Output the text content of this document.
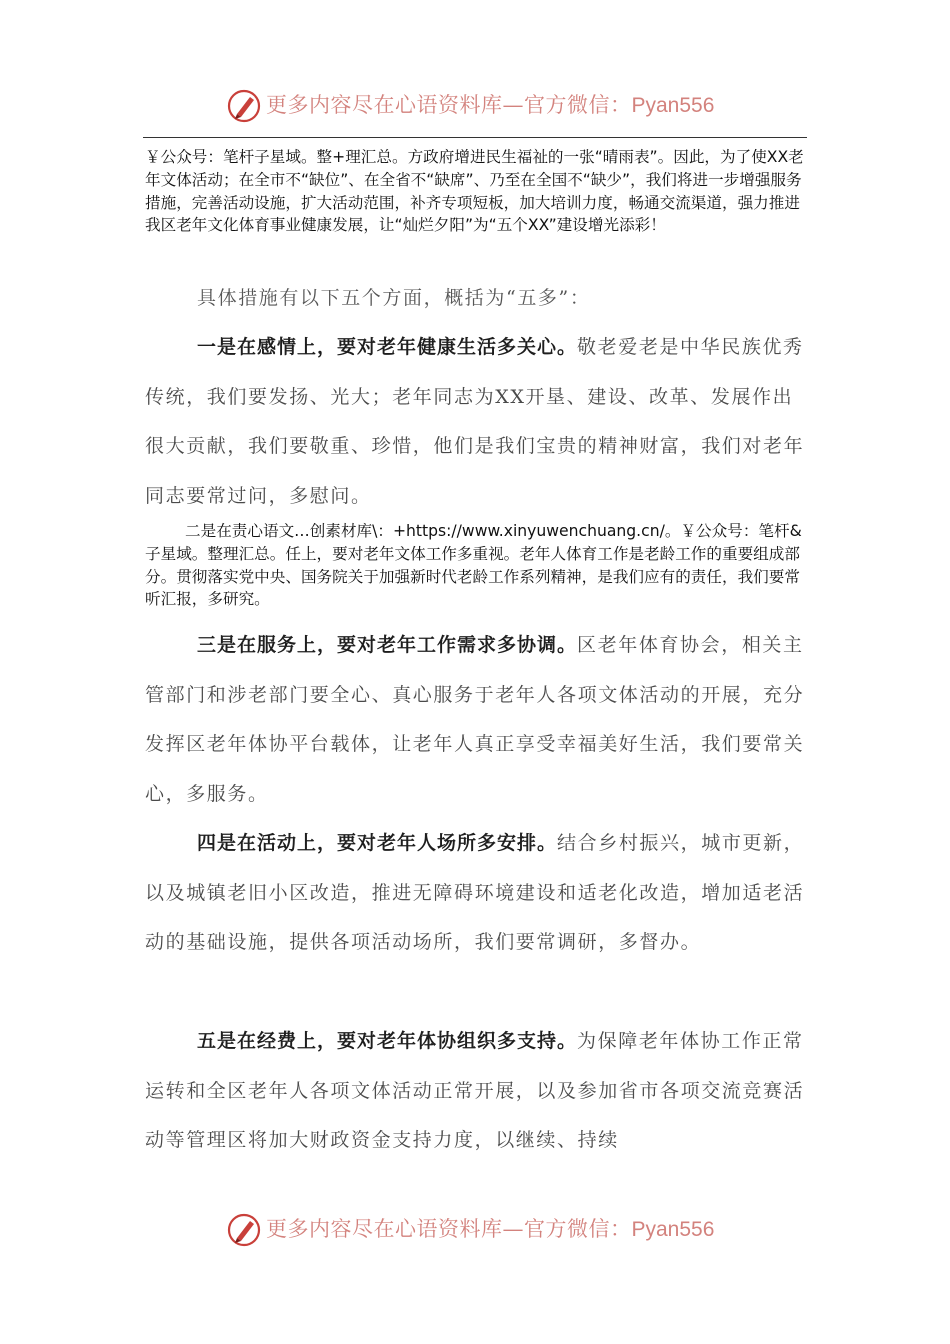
更多内容尽在心语资料库—官方微信：Pyan556

￥公众号：笔杆子星域。整+理汇总。方政府增进民生福祉的一张“晴雨表”。因此，为了使XX老年文体活动；在全市不“缺位”、在全省不“缺席”、乃至在全国不“缺少”，我们将进一步增强服务措施，完善活动设施，扩大活动范围，补齐专项短板，加大培训力度，畅通交流渠道，强力推进我区老年文化体育事业健康发展，让“灿烂夕阳”为“五个XX”建设增光添彩！

具体措施有以下五个方面，概括为“五多”：

一是在感情上，要对老年健康生活多关心。敬老爱老是中华民族优秀传统，我们要发扬、光大；老年同志为XX开垦、建设、改革、发展作出很大贡献，我们要敬重、珍惜，他们是我们宝贵的精神财富，我们对老年同志要常过问，多慰问。

二是在责心语文…创素材库\：+https://www.xinyuwenchuang.cn/。￥公众号：笔杆&子星域。整理汇总。任上，要对老年文体工作多重视。老年人体育工作是老龄工作的重要组成部分。贯彻落实党中央、国务院关于加强新时代老龄工作系列精神，是我们应有的责任，我们要常听汇报，多研究。

三是在服务上，要对老年工作需求多协调。区老年体育协会，相关主管部门和涉老部门要全心、真心服务于老年人各项文体活动的开展，充分发挥区老年体协平台载体，让老年人真正享受幸福美好生活，我们要常关心，多服务。

四是在活动上，要对老年人场所多安排。结合乡村振兴，城市更新，以及城镇老旧小区改造，推进无障碍环境建设和适老化改造，增加适老活动的基础设施，提供各项活动场所，我们要常调研，多督办。

五是在经费上，要对老年体协组织多支持。为保障老年体协工作正常运转和全区老年人各项文体活动正常开展，以及参加省市各项交流竞赛活动等管理区将加大财政资金支持力度，以继续、持续

更多内容尽在心语资料库—官方微信：Pyan556
